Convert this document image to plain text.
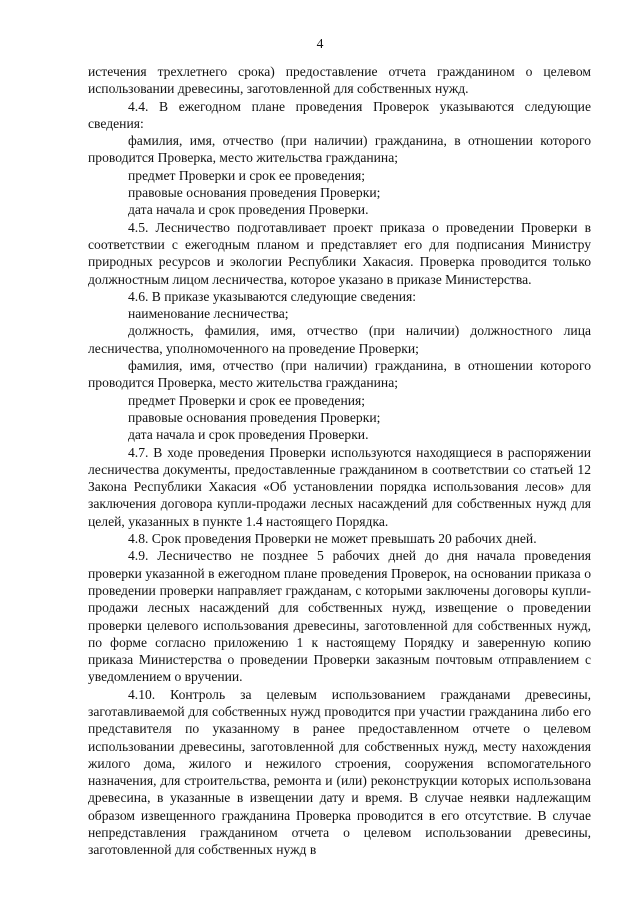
4

истечения трехлетнего срока) предоставление отчета гражданином о целевом использовании древесины, заготовленной для собственных нужд.

4.4. В ежегодном плане проведения Проверок указываются следующие сведения:

фамилия, имя, отчество (при наличии) гражданина, в отношении которого проводится Проверка, место жительства гражданина;

предмет Проверки и срок ее проведения;

правовые основания проведения Проверки;

дата начала и срок проведения Проверки.

4.5. Лесничество подготавливает проект приказа о проведении Проверки в соответствии с ежегодным планом и представляет его для подписания Министру природных ресурсов и экологии Республики Хакасия. Проверка проводится только должностным лицом лесничества, которое указано в приказе Министерства.

4.6. В приказе указываются следующие сведения:

наименование лесничества;

должность, фамилия, имя, отчество (при наличии) должностного лица лесничества, уполномоченного на проведение Проверки;

фамилия, имя, отчество (при наличии) гражданина, в отношении которого проводится Проверка, место жительства гражданина;

предмет Проверки и срок ее проведения;

правовые основания проведения Проверки;

дата начала и срок проведения Проверки.

4.7. В ходе проведения Проверки используются находящиеся в распоряжении лесничества документы, предоставленные гражданином в соответствии со статьей 12 Закона Республики Хакасия «Об установлении порядка использования лесов» для заключения договора купли-продажи лесных насаждений для собственных нужд для целей, указанных в пункте 1.4 настоящего Порядка.

4.8. Срок проведения Проверки не может превышать 20 рабочих дней.

4.9. Лесничество не позднее 5 рабочих дней до дня начала проведения проверки указанной в ежегодном плане проведения Проверок, на основании приказа о проведении проверки направляет гражданам, с которыми заключены договоры купли-продажи лесных насаждений для собственных нужд, извещение о проведении проверки целевого использования древесины, заготовленной для собственных нужд, по форме согласно приложению 1 к настоящему Порядку и заверенную копию приказа Министерства о проведении Проверки заказным почтовым отправлением с уведомлением о вручении.

4.10. Контроль за целевым использованием гражданами древесины, заготавливаемой для собственных нужд проводится при участии гражданина либо его представителя по указанному в ранее предоставленном отчете о целевом использовании древесины, заготовленной для собственных нужд, месту нахождения жилого дома, жилого и нежилого строения, сооружения вспомогательного назначения, для строительства, ремонта и (или) реконструкции которых использована древесина, в указанные в извещении дату и время. В случае неявки надлежащим образом извещенного гражданина Проверка проводится в его отсутствие. В случае непредставления гражданином отчета о целевом использовании древесины, заготовленной для собственных нужд в
